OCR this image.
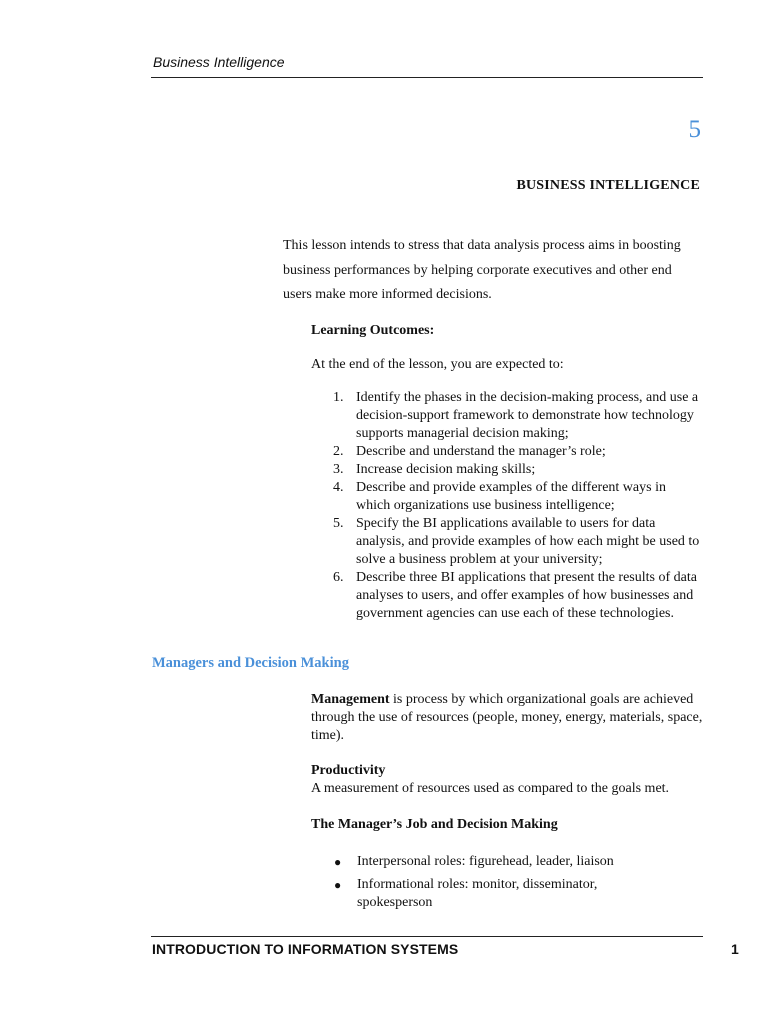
Business Intelligence
5
BUSINESS INTELLIGENCE
This lesson intends to stress that data analysis process aims in boosting business performances by helping corporate executives and other end users make more informed decisions.
Learning Outcomes:
At the end of the lesson, you are expected to:
1. Identify the phases in the decision-making process, and use a decision-support framework to demonstrate how technology supports managerial decision making;
2. Describe and understand the manager’s role;
3. Increase decision making skills;
4. Describe and provide examples of the different ways in which organizations use business intelligence;
5. Specify the BI applications available to users for data analysis, and provide examples of how each might be used to solve a business problem at your university;
6. Describe three BI applications that present the results of data analyses to users, and offer examples of how businesses and government agencies can use each of these technologies.
Managers and Decision Making
Management is process by which organizational goals are achieved through the use of resources (people, money, energy, materials, space, time).
Productivity
A measurement of resources used as compared to the goals met.
The Manager’s Job and Decision Making
●	Interpersonal roles: figurehead, leader, liaison
●	Informational roles: monitor, disseminator, spokesperson
INTRODUCTION TO INFORMATION SYSTEMS	1
